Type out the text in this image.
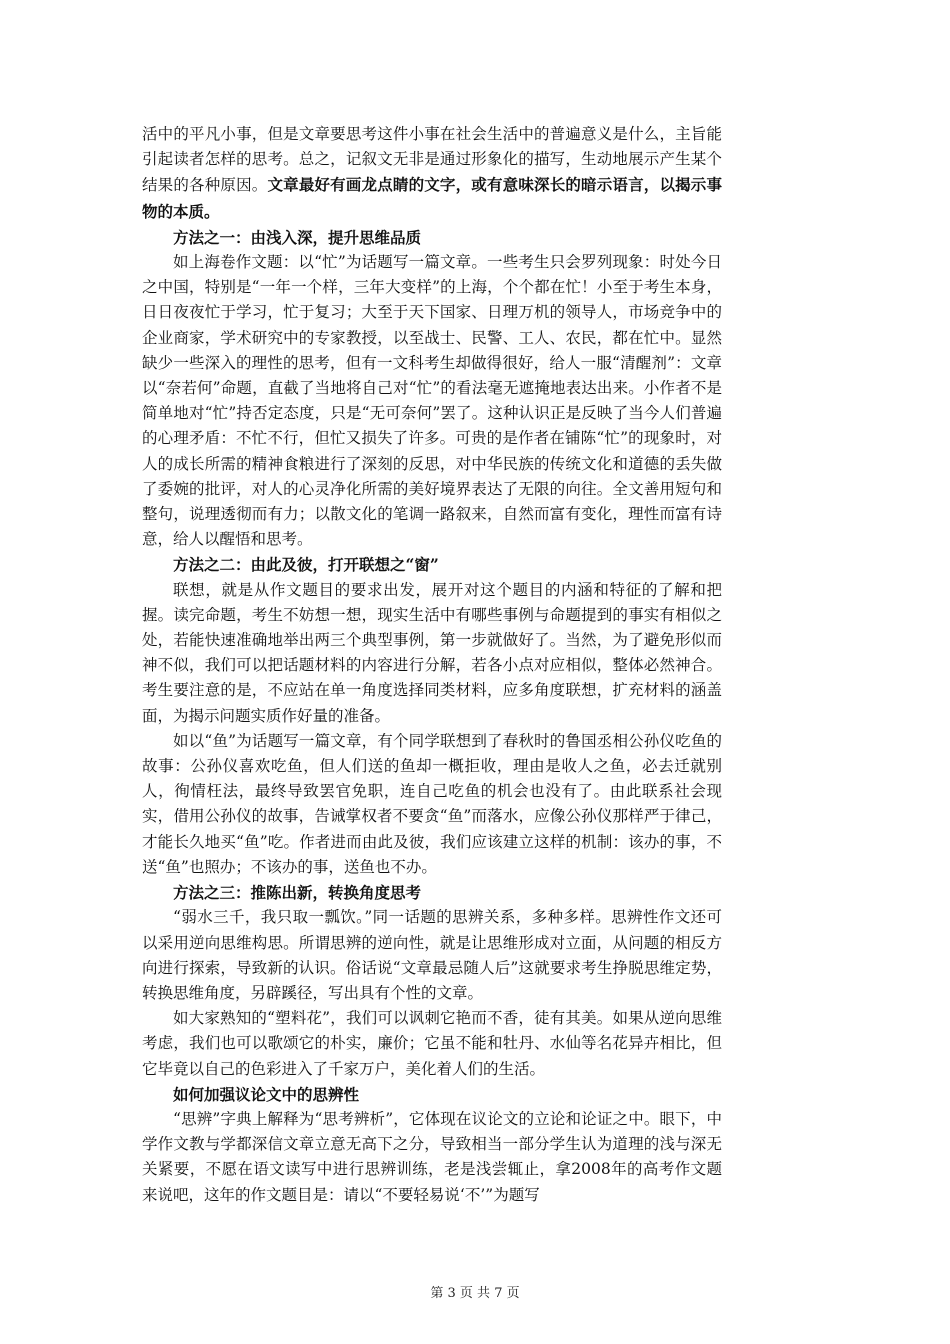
活中的平凡小事，但是文章要思考这件小事在社会生活中的普遍意义是什么，主旨能引起读者怎样的思考。总之，记叙文无非是通过形象化的描写，生动地展示产生某个结果的各种原因。文章最好有画龙点睛的文字，或有意味深长的暗示语言，以揭示事物的本质。

方法之一：由浅入深，提升思维品质

如上海卷作文题：以“忙”为话题写一篇文章。一些考生只会罗列现象：时处今日之中国，特别是“一年一个样，三年大变样”的上海，个个都在忙！小至于考生本身，日日夜夜忙于学习，忙于复习；大至于天下国家、日理万机的领导人，市场竞争中的企业商家，学术研究中的专家教授，以至战士、民警、工人、农民，都在忙中。显然缺少一些深入的理性的思考，但有一文科考生却做得很好，给人一服“清醒剂”：文章以“奈若何”命题，直截了当地将自己对“忙”的看法毫无遮掩地表达出来。小作者不是简单地对“忙”持否定态度，只是“无可奈何”罢了。这种认识正是反映了当今人们普遍的心理矛盾：不忙不行，但忙又损失了许多。可贵的是作者在铺陈“忙”的现象时，对人的成长所需的精神食粮进行了深刻的反思，对中华民族的传统文化和道德的丢失做了委婉的批评，对人的心灵净化所需的美好境界表达了无限的向往。全文善用短句和整句，说理透彻而有力；以散文化的笔调一路叙来，自然而富有变化，理性而富有诗意，给人以醒悟和思考。

方法之二：由此及彼，打开联想之“窗”

联想，就是从作文题目的要求出发，展开对这个题目的内涵和特征的了解和把握。读完命题，考生不妨想一想，现实生活中有哪些事例与命题提到的事实有相似之处，若能快速准确地举出两三个典型事例，第一步就做好了。当然，为了避免形似而神不似，我们可以把话题材料的内容进行分解，若各小点对应相似，整体必然神合。考生要注意的是，不应站在单一角度选择同类材料，应多角度联想，扩充材料的涵盖面，为揭示问题实质作好量的准备。

如以“鱼”为话题写一篇文章，有个同学联想到了春秋时的鲁国丞相公孙仪吃鱼的故事：公孙仪喜欢吃鱼，但人们送的鱼却一概拒收，理由是收人之鱼，必去迁就别人，徇情枉法，最终导致罢官免职，连自己吃鱼的机会也没有了。由此联系社会现实，借用公孙仪的故事，告诫掌权者不要贪“鱼”而落水，应像公孙仪那样严于律己，才能长久地买“鱼”吃。作者进而由此及彼，我们应该建立这样的机制：该办的事，不送“鱼”也照办；不该办的事，送鱼也不办。

方法之三：推陈出新，转换角度思考

“弱水三千，我只取一瓢饮。”同一话题的思辨关系，多种多样。思辨性作文还可以采用逆向思维构思。所谓思辨的逆向性，就是让思维形成对立面，从问题的相反方向进行探索，导致新的认识。俗话说“文章最忌随人后”这就要求考生挣脱思维定势，转换思维角度，另辟蹊径，写出具有个性的文章。

如大家熟知的“塑料花”，我们可以讽刺它艳而不香，徒有其美。如果从逆向思维考虑，我们也可以歌颂它的朴实，廉价；它虽不能和牡丹、水仙等名花异卉相比，但它毕竟以自己的色彩进入了千家万户，美化着人们的生活。

如何加强议论文中的思辨性

“思辨”字典上解释为“思考辨析”，它体现在议论文的立论和论证之中。眼下，中学作文教与学都深信文章立意无高下之分，导致相当一部分学生认为道理的浅与深无关紧要，不愿在语文读写中进行思辨训练，老是浅尝辄止，拿2008年的高考作文题来说吧，这年的作文题目是：请以“不要轻易说‘不’”为题写

第 3 页 共 7 页
